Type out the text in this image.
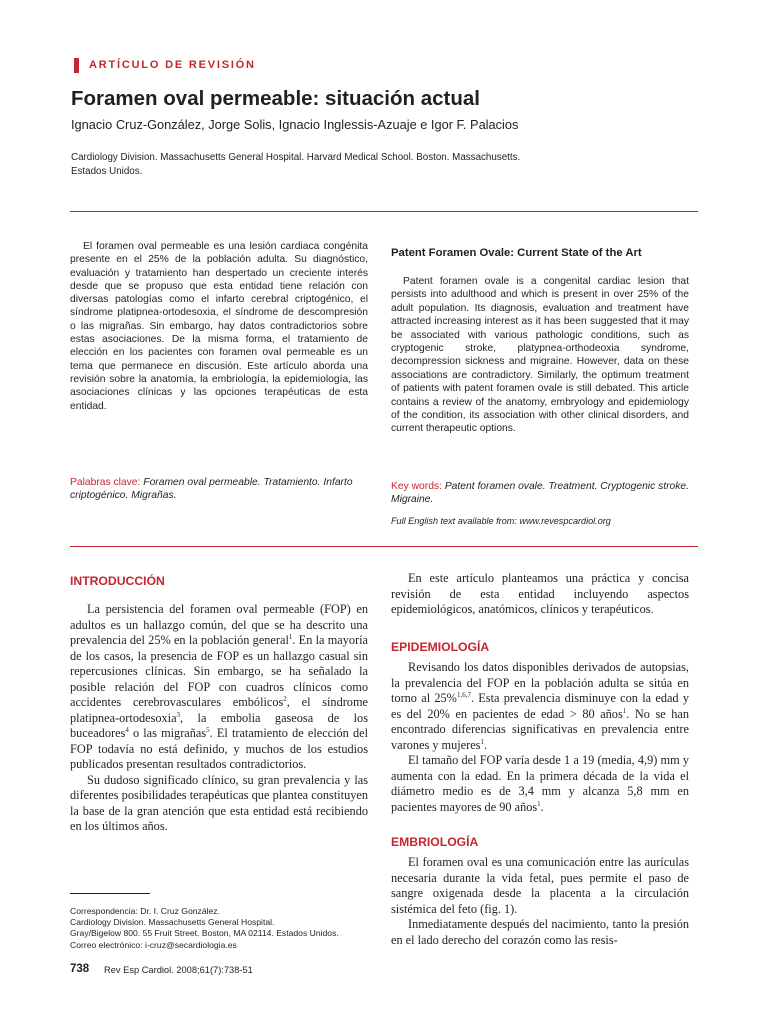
ARTÍCULO DE REVISIÓN
Foramen oval permeable: situación actual
Ignacio Cruz-González, Jorge Solis, Ignacio Inglessis-Azuaje e Igor F. Palacios
Cardiology Division. Massachusetts General Hospital. Harvard Medical School. Boston. Massachusetts.
Estados Unidos.

El foramen oval permeable es una lesión cardiaca congénita presente en el 25% de la población adulta. Su diagnóstico, evaluación y tratamiento han despertado un creciente interés desde que se propuso que esta entidad tiene relación con diversas patologías como el infarto cerebral criptogénico, el síndrome platipnea-ortodesoxia, el síndrome de descompresión o las migrañas. Sin embargo, hay datos contradictorios sobre estas asociaciones. De la misma forma, el tratamiento de elección en los pacientes con foramen oval permeable es un tema que permanece en discusión. Este artículo aborda una revisión sobre la anatomía, la embriología, la epidemiología, las asociaciones clínicas y las opciones terapéuticas de esta entidad.

Palabras clave: Foramen oval permeable. Tratamiento. Infarto criptogénico. Migrañas.
Patent Foramen Ovale: Current State of the Art

Patent foramen ovale is a congenital cardiac lesion that persists into adulthood and which is present in over 25% of the adult population. Its diagnosis, evaluation and treatment have attracted increasing interest as it has been suggested that it may be associated with various pathologic conditions, such as cryptogenic stroke, platypnea-orthodeoxia syndrome, decompression sickness and migraine. However, data on these associations are contradictory. Similarly, the optimum treatment of patients with patent foramen ovale is still debated. This article contains a review of the anatomy, embryology and epidemiology of the condition, its association with other clinical disorders, and current therapeutic options.

Key words: Patent foramen ovale. Treatment. Cryptogenic stroke. Migraine.
Full English text available from: www.revespcardiol.org
INTRODUCCIÓN

La persistencia del foramen oval permeable (FOP) en adultos es un hallazgo común, del que se ha descrito una prevalencia del 25% en la población general$^1$. En la mayoría de los casos, la presencia de FOP es un hallazgo casual sin repercusiones clínicas. Sin embargo, se ha señalado la posible relación del FOP con cuadros clínicos como accidentes cerebrovasculares embólicos$^2$, el síndrome platipnea-ortodesoxia$^3$, la embolia gaseosa de los buceadores$^4$ o las migrañas$^5$. El tratamiento de elección del FOP todavía no está definido, y muchos de los estudios publicados presentan resultados contradictorios.

Su dudoso significado clínico, su gran prevalencia y las diferentes posibilidades terapéuticas que plantea constituyen la base de la gran atención que esta entidad está recibiendo en los últimos años.

En este artículo planteamos una práctica y concisa revisión de esta entidad incluyendo aspectos epidemiológicos, anatómicos, clínicos y terapéuticos.

EPIDEMIOLOGÍA

Revisando los datos disponibles derivados de autopsias, la prevalencia del FOP en la población adulta se sitúa en torno al 25%$^{1,6,7}$. Esta prevalencia disminuye con la edad y es del 20% en pacientes de edad > 80 años$^1$. No se han encontrado diferencias significativas en prevalencia entre varones y mujeres$^1$.

El tamaño del FOP varía desde 1 a 19 (media, 4,9) mm y aumenta con la edad. En la primera década de la vida el diámetro medio es de 3,4 mm y alcanza 5,8 mm en pacientes mayores de 90 años$^1$.

EMBRIOLOGÍA

El foramen oval es una comunicación entre las aurículas necesaria durante la vida fetal, pues permite el paso de sangre oxigenada desde la placenta a la circulación sistémica del feto (fig. 1).

Inmediatamente después del nacimiento, tanto la presión en el lado derecho del corazón como las resis-

Correspondencia: Dr. I. Cruz González.
Cardiology Division. Massachusetts General Hospital.
Gray/Bigelow 800. 55 Fruit Street. Boston, MA 02114. Estados Unidos.
Correo electrónico: i-cruz@secardiologia.es
738 Rev Esp Cardiol. 2008;61(7):738-51
